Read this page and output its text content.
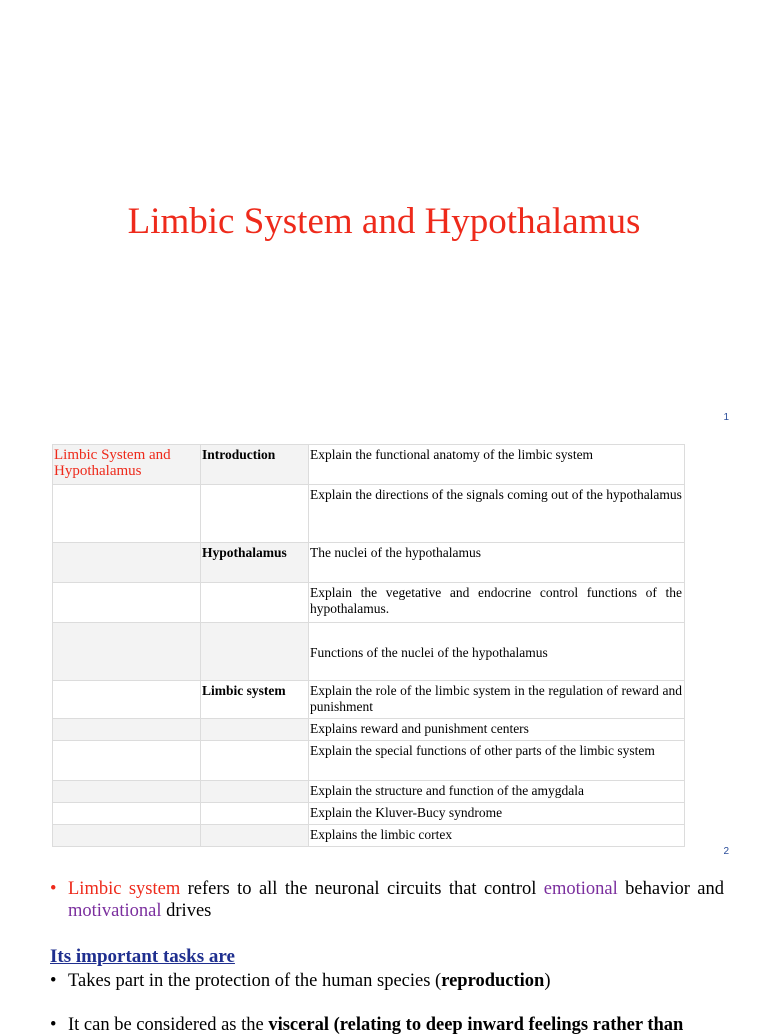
Limbic System and Hypothalamus
1
Limbic System and Hypothalamus	Introduction	Explain the functional anatomy of the limbic system
		Explain the directions of the signals coming out of the hypothalamus
	Hypothalamus	The nuclei of the hypothalamus
		Explain the vegetative and endocrine control functions of the hypothalamus.
		Functions of the nuclei of the hypothalamus
	Limbic system	Explain the role of the limbic system in the regulation of reward and punishment
		Explains reward and punishment centers
		Explain the special functions of other parts of the limbic system
		Explain the structure and function of the amygdala
		Explain the Kluver-Bucy syndrome
		Explains the limbic cortex
2

• Limbic system refers to all the neuronal circuits that control emotional behavior and motivational drives

Its important tasks are

• Takes part in the protection of the human species (reproduction)

• It can be considered as the visceral (relating to deep inward feelings rather than
